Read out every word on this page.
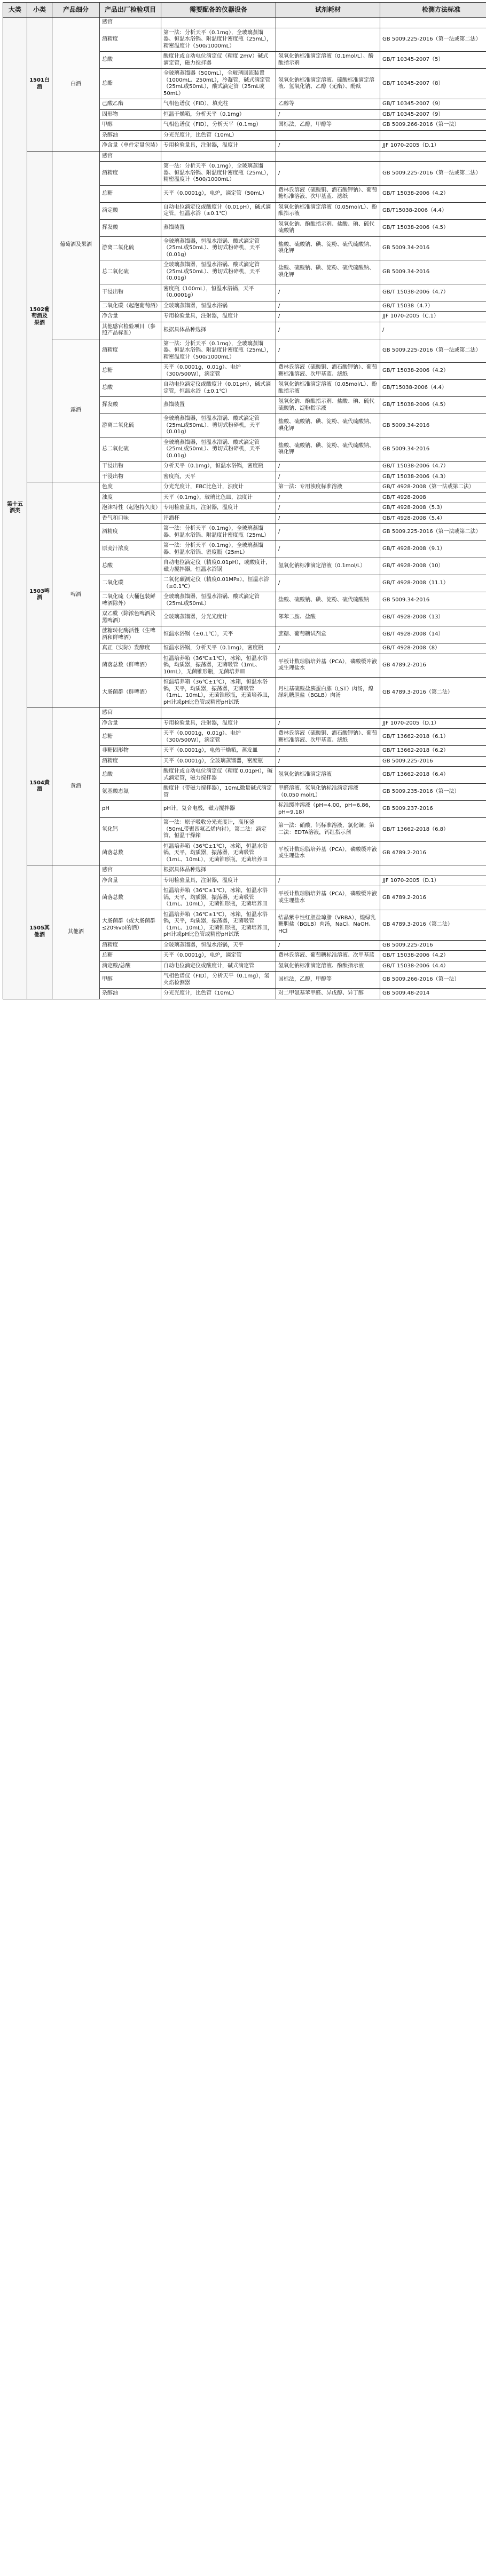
大类	小类	产品细分	产品出厂检验项目	需要配备的仪器设备	试剂耗材	检测方法标准
第十五酒类	1501白酒	白酒	感官			
			酒精度	第一法：分析天平（0.1mg），全玻璃蒸馏器、恒温水浴锅、附温度计密度瓶（25mL），精密温度计（500/1000mL）		GB 5009.225-2016（第一法或第二法）
			总酸	酸度计或自动电位滴定仪（精度 2mV）碱式滴定管，磁力搅拌器	氢氧化钠标准滴定溶液（0.1mol/L）、酚酞指示剂	GB/T 10345-2007（5）
			总酯	全玻璃蒸馏器（500mL），全玻璃回流装置（1000mL、250mL），冷凝管，碱式滴定管（25mL或50mL），酸式滴定管（25mL或50mL）	氢氧化钠标准滴定溶液、硫酸标准滴定溶液、氢氧化钠、乙醇（无酯）、酚酞	GB/T 10345-2007（8）
			己酸乙酯	气相色谱仪（FID），填充柱	乙醇等	GB/T 10345-2007（9）
			固形物	恒温干燥箱，分析天平（0.1mg）	/	GB/T 10345-2007（9）
			甲醇	气相色谱仪（FID），分析天平（0.1mg）	国标法，乙醇，甲醇等	GB 5009.266-2016（第一法）
			杂醇油	分光光度计，比色管（10mL）		
			净含量（单件定量包装）	专用检验量具，注射器，温度计	/	JJF 1070-2005（D.1）
	1502葡萄酒及果酒	葡萄酒及果酒	感官			
			酒精度	第一法：分析天平（0.1mg），全玻璃蒸馏器、恒温水浴锅、附温度计密度瓶（25mL），精密温度计（500/1000mL）	/	GB 5009.225-2016（第一法或第二法）
			总糖	天平（0.0001g），电炉，滴定管（50mL）	费林氏溶液（硫酸铜、酒石酸钾钠）、葡萄糖标准溶液、次甲基蓝、滤纸	GB/T 15038-2006（4.2）
			滴定酸	自动电位滴定仪或酸度计（0.01pH），碱式滴定管，恒温水浴（±0.1℃）	氢氧化钠标准滴定溶液（0.05mol/L）、酚酞指示液	GB/T15038-2006（4.4）
			挥发酸	蒸馏装置	氢氧化钠、酚酞指示剂、盐酸、碘、硫代硫酸钠	GB/T 15038-2006（4.5）
			游离二氧化硫	全玻璃蒸馏器，恒温水浴锅、酸式滴定管（25mL或50mL）、剪切式粉碎机，天平（0.01g）	盐酸、硫酸钠、碘、淀粉、硫代硫酸钠、碘化钾	GB 5009.34-2016
			总二氧化硫	全玻璃蒸馏器，恒温水浴锅、酸式滴定管（25mL或50mL）、剪切式粉碎机，天平（0.01g）	盐酸、硫酸钠、碘、淀粉、硫代硫酸钠、碘化钾	GB 5009.34-2016
			干浸出物	密度瓶（100mL），恒温水浴锅，天平（0.0001g）	/	GB/T 15038-2006（4.7）
			二氧化碳（起泡葡萄酒）	全玻璃蒸馏器，恒温水浴锅	/	GB/T 15038（4.7）
			净含量	专用检验量具，注射器，温度计	/	JJF 1070-2005（C.1）
			其他感官检验项目（参照产品标准）	根据具体品种选择	/	/
		露酒	酒精度	第一法：分析天平（0.1mg），全玻璃蒸馏器、恒温水浴锅、附温度计密度瓶（25mL），精密温度计（500/1000mL）	/	GB 5009.225-2016（第一法或第二法）
			总糖	天平（0.0001g，0.01g）、电炉（300/500W），滴定管	费林氏溶液（硫酸铜、酒石酸钾钠）、葡萄糖标准溶液、次甲基蓝、滤纸	GB/T 15038-2006（4.2）
			总酸	自动电位滴定仪或酸度计（0.01pH），碱式滴定管，恒温水浴（±0.1℃）	氢氧化钠标准滴定溶液（0.05mol/L）、酚酞指示液	GB/T15038-2006（4.4）
			挥发酸	蒸馏装置	氢氧化钠、酚酞指示剂、盐酸、碘、硫代硫酸钠、淀粉指示液	GB/T 15038-2006（4.5）
			游离二氧化硫	全玻璃蒸馏器，恒温水浴锅、酸式滴定管（25mL或50mL）、剪切式粉碎机，天平（0.01g）	盐酸、硫酸钠、碘、淀粉、硫代硫酸钠、碘化钾	GB 5009.34-2016
			总二氧化硫	全玻璃蒸馏器，恒温水浴锅、酸式滴定管（25mL或50mL）、剪切式粉碎机，天平（0.01g）	盐酸、硫酸钠、碘、淀粉、硫代硫酸钠、碘化钾	GB 5009.34-2016
			干浸出物	分析天平（0.1mg），恒温水浴锅，密度瓶	/	GB/T 15038-2006（4.7）
			干浸出物	密度瓶，天平	/	GB/T 15038-2006（4.3）
	1503啤酒	啤酒	色度	分光光度计，EBC比色计，浊度计	第一法：专用浊度标准溶液	GB/T 4928-2008（第一法或第二法）
			浊度	天平（0.1mg），玻璃比色皿，浊度计	/	GB/T 4928-2008
			泡沫特性（起泡持久度）	专用检验量具，注射器，温度计	/	GB/T 4928-2008（5.3）
			香气和口味	评酒杯	/	GB/T 4928-2008（5.4）
			酒精度	第一法：分析天平（0.1mg），全玻璃蒸馏器、恒温水浴锅、附温度计密度瓶（25mL）	/	GB 5009.225-2016（第一法或第二法）
			原麦汁浓度	第一法：分析天平（0.1mg），全玻璃蒸馏器、恒温水浴锅、密度瓶（25mL）	/	GB/T 4928-2008（9.1）
			总酸	自动电位滴定仪（精度0.01pH），或酸度计，磁力搅拌器，恒温水浴锅	氢氧化钠标准滴定溶液（0.1mol/L）	GB/T 4928-2008（10）
			二氧化碳	二氧化碳测定仪（精度0.01MPa），恒温水浴（±0.1℃）	/	GB/T 4928-2008（11.1）
			二氧化硫（大桶包装鲜啤酒除外）	全玻璃蒸馏器，恒温水浴锅、酸式滴定管（25mL或50mL）	盐酸、硫酸钠、碘、淀粉、硫代硫酸钠	GB 5009.34-2016
			双乙酰（除浓色啤酒及黑啤酒）	全玻璃蒸馏器，分光光度计	邻苯二胺、盐酸	GB/T 4928-2008（13）
			蔗糖转化酶活性（生啤酒和鲜啤酒）	恒温水浴锅（±0.1℃），天平	蔗糖、葡萄糖试剂盒	GB/T 4928-2008（14）
			真正（实际）发酵度	恒温水浴锅，分析天平（0.1mg），密度瓶	/	GB/T 4928-2008（8）
			菌落总数（鲜啤酒）	恒温培养箱（36℃±1℃），冰箱，恒温水浴锅，均质器，振荡器，无菌吸管（1mL、10mL），无菌锥形瓶，无菌培养皿	平板计数琼脂培养基（PCA），磷酸缓冲液或生理盐水	GB 4789.2-2016
			大肠菌群（鲜啤酒）	恒温培养箱（36℃±1℃），冰箱，恒温水浴锅，天平，均质器，振荡器，无菌吸管（1mL、10mL），无菌锥形瓶，无菌培养皿，pH计或pH比色管或精密pH试纸	月桂基硫酸盐胰蛋白胨（LST）肉汤，煌绿乳糖胆盐（BGLB）肉汤	GB 4789.3-2016（第二法）
	1504黄酒	黄酒	感官			
			净含量	专用检验量具，注射器，温度计	/	JJF 1070-2005（D.1）
			总糖	天平（0.0001g，0.01g）、电炉（300/500W），滴定管	费林氏溶液（硫酸铜、酒石酸钾钠）、葡萄糖标准溶液、次甲基蓝、滤纸	GB/T 13662-2018（6.1）
			非糖固形物	天平（0.0001g），电热干燥箱，蒸发皿	/	GB/T 13662-2018（6.2）
			酒精度	天平（0.0001g），全玻璃蒸馏器，密度瓶	/	GB 5009.225-2016
			总酸	酸度计或自动电位滴定仪（精度 0.01pH），碱式滴定管，磁力搅拌器	氢氧化钠标准滴定溶液	GB/T 13662-2018（6.4）
			氨基酸态氮	酸度计（带磁力搅拌器），10mL微量碱式滴定管	甲醛溶液、氢氧化钠标准滴定溶液（0.050 mol/L）	GB 5009.235-2016（第一法）
			pH	pH计，复合电极，磁力搅拌器	标准缓冲溶液（pH=4.00，pH=6.86，pH=9.18）	GB 5009.237-2016
			氧化钙	第一法：原子吸收分光光度计，高压釜（50mL带聚四氟乙烯内衬），第二法：滴定管，恒温干燥箱	第一法：硝酸，钙标准溶液，氯化镧；第二法：EDTA溶液，钙红指示剂	GB/T 13662-2018（6.8）
			菌落总数	恒温培养箱（36℃±1℃），冰箱，恒温水浴锅，天平，均质器，振荡器，无菌吸管（1mL、10mL），无菌锥形瓶，无菌培养皿	平板计数琼脂培养基（PCA），磷酸缓冲液或生理盐水	GB 4789.2-2016
	1505其他酒	其他酒	感官	根据具体品种选择		
			净含量	专用检验量具，注射器，温度计	/	JJF 1070-2005（D.1）
			菌落总数	恒温培养箱（36℃±1℃），冰箱，恒温水浴锅，天平，均质器，振荡器，无菌吸管（1mL、10mL），无菌锥形瓶，无菌培养皿	平板计数琼脂培养基（PCA），磷酸缓冲液或生理盐水	GB 4789.2-2016
			大肠菌群（或大肠菌群≤20%vol的酒）	恒温培养箱（36℃±1℃），冰箱，恒温水浴锅，天平，均质器，振荡器，无菌吸管（1mL、10mL），无菌锥形瓶，无菌培养皿，pH计或pH比色管或精密pH试纸	结晶紫中性红胆盐琼脂（VRBA），煌绿乳糖胆盐（BGLB）肉汤，NaCl、NaOH、HCl	GB 4789.3-2016（第二法）
			酒精度	全玻璃蒸馏器，恒温水浴锅，天平	/	GB 5009.225-2016
			总糖	天平（0.0001g），电炉，滴定管	费林氏溶液、葡萄糖标准溶液、次甲基蓝	GB/T 15038-2006（4.2）
			滴定酸/总酸	自动电位滴定仪或酸度计，碱式滴定管	氢氧化钠标准滴定溶液、酚酞指示液	GB/T 15038-2006（4.4）
			甲醇	气相色谱仪（FID），分析天平（0.1mg），氢火焰检测器	国标法，乙醇，甲醇等	GB 5009.266-2016（第一法）
			杂醇油	分光光度计，比色管（10mL）	对二甲氨基苯甲醛、异戊醇、异丁醇	GB 5009.48-2014
